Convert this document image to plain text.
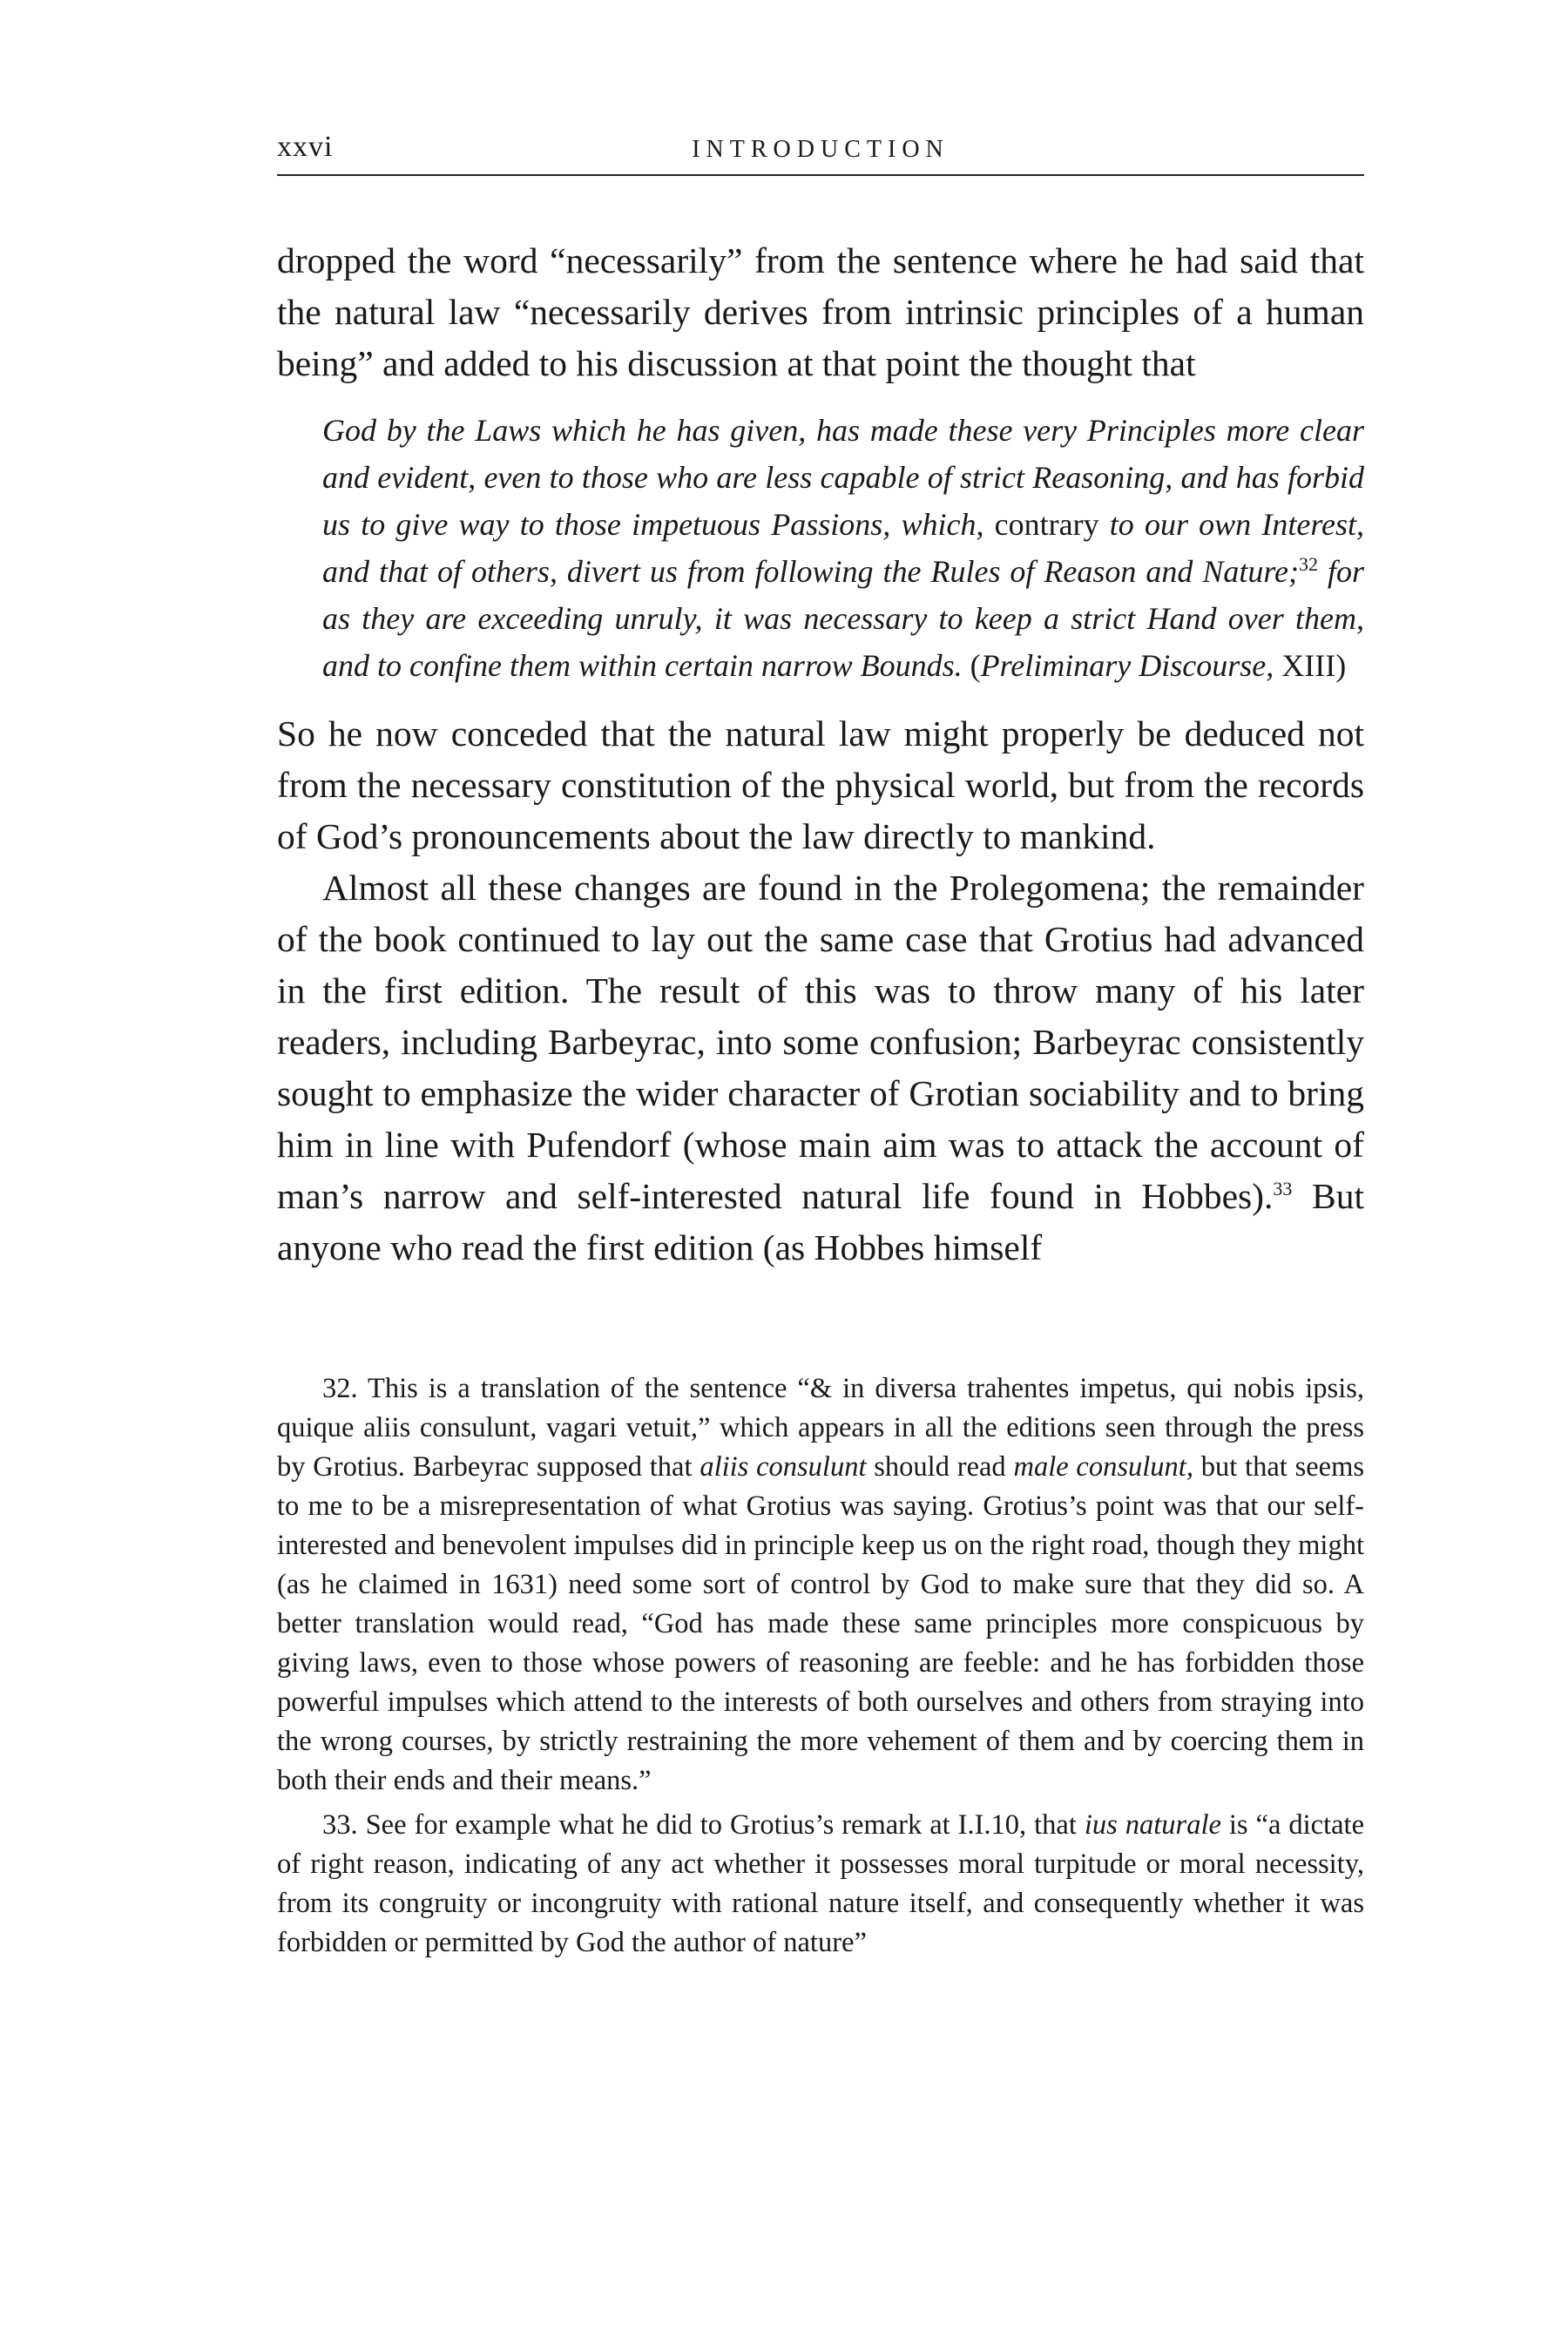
xxvi	INTRODUCTION

dropped the word “necessarily” from the sentence where he had said that the natural law “necessarily derives from intrinsic principles of a human being” and added to his discussion at that point the thought that

God by the Laws which he has given, has made these very Principles more clear and evident, even to those who are less capable of strict Reasoning, and has forbid us to give way to those impetuous Passions, which, contrary to our own Interest, and that of others, divert us from following the Rules of Reason and Nature;$^{32}$ for as they are exceeding unruly, it was necessary to keep a strict Hand over them, and to confine them within certain narrow Bounds. (Preliminary Discourse, XIII)

So he now conceded that the natural law might properly be deduced not from the necessary constitution of the physical world, but from the records of God’s pronouncements about the law directly to mankind.

Almost all these changes are found in the Prolegomena; the remainder of the book continued to lay out the same case that Grotius had advanced in the first edition. The result of this was to throw many of his later readers, including Barbeyrac, into some confusion; Barbeyrac consistently sought to emphasize the wider character of Grotian sociability and to bring him in line with Pufendorf (whose main aim was to attack the account of man’s narrow and self-interested natural life found in Hobbes).$^{33}$ But anyone who read the first edition (as Hobbes himself

32. This is a translation of the sentence “& in diversa trahentes impetus, qui nobis ipsis, quique aliis consulunt, vagari vetuit,” which appears in all the editions seen through the press by Grotius. Barbeyrac supposed that aliis consulunt should read male consulunt, but that seems to me to be a misrepresentation of what Grotius was saying. Grotius’s point was that our self-interested and benevolent impulses did in principle keep us on the right road, though they might (as he claimed in 1631) need some sort of control by God to make sure that they did so. A better translation would read, “God has made these same principles more conspicuous by giving laws, even to those whose powers of reasoning are feeble: and he has forbidden those powerful impulses which attend to the interests of both ourselves and others from straying into the wrong courses, by strictly restraining the more vehement of them and by coercing them in both their ends and their means.”

33. See for example what he did to Grotius’s remark at I.I.10, that ius naturale is “a dictate of right reason, indicating of any act whether it possesses moral turpitude or moral necessity, from its congruity or incongruity with rational nature itself, and consequently whether it was forbidden or permitted by God the author of nature”
